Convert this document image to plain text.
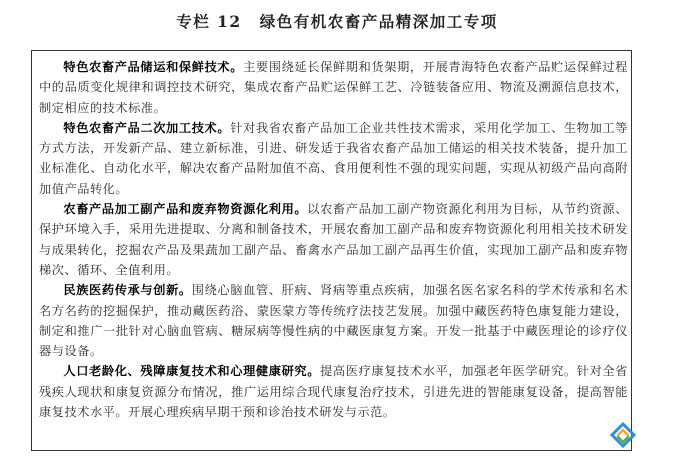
专栏 12 绿色有机农畜产品精深加工专项

特色农畜产品储运和保鲜技术。主要围绕延长保鲜期和货架期，开展青海特色农畜产品贮运保鲜过程中的品质变化规律和调控技术研究，集成农畜产品贮运保鲜工艺、冷链装备应用、物流及溯源信息技术，制定相应的技术标准。

特色农畜产品二次加工技术。针对我省农畜产品加工企业共性技术需求，采用化学加工、生物加工等方式方法，开发新产品、建立新标准，引进、研发适于我省农畜产品加工储运的相关技术装备，提升加工业标准化、自动化水平，解决农畜产品附加值不高、食用便利性不强的现实问题，实现从初级产品向高附加值产品转化。

农畜产品加工副产品和废弃物资源化利用。以农畜产品加工副产物资源化利用为目标，从节约资源、保护环境入手，采用先进提取、分离和制备技术，开展农畜加工副产品和废弃物资源化利用相关技术研发与成果转化，挖掘农产品及果蔬加工副产品、畜禽水产品加工副产品再生价值，实现加工副产品和废弃物梯次、循环、全值利用。

民族医药传承与创新。围绕心脑血管、肝病、肾病等重点疾病，加强名医名家名科的学术传承和名术名方名药的挖掘保护，推动藏医药浴、蒙医蒙方等传统疗法技艺发展。加强中藏医药特色康复能力建设，制定和推广一批针对心脑血管病、糖尿病等慢性病的中藏医康复方案。开发一批基于中藏医理论的诊疗仪器与设备。

人口老龄化、残障康复技术和心理健康研究。提高医疗康复技术水平，加强老年医学研究。针对全省残疾人现状和康复资源分布情况，推广运用综合现代康复治疗技术，引进先进的智能康复设备，提高智能康复技术水平。开展心理疾病早期干预和诊治技术研发与示范。
